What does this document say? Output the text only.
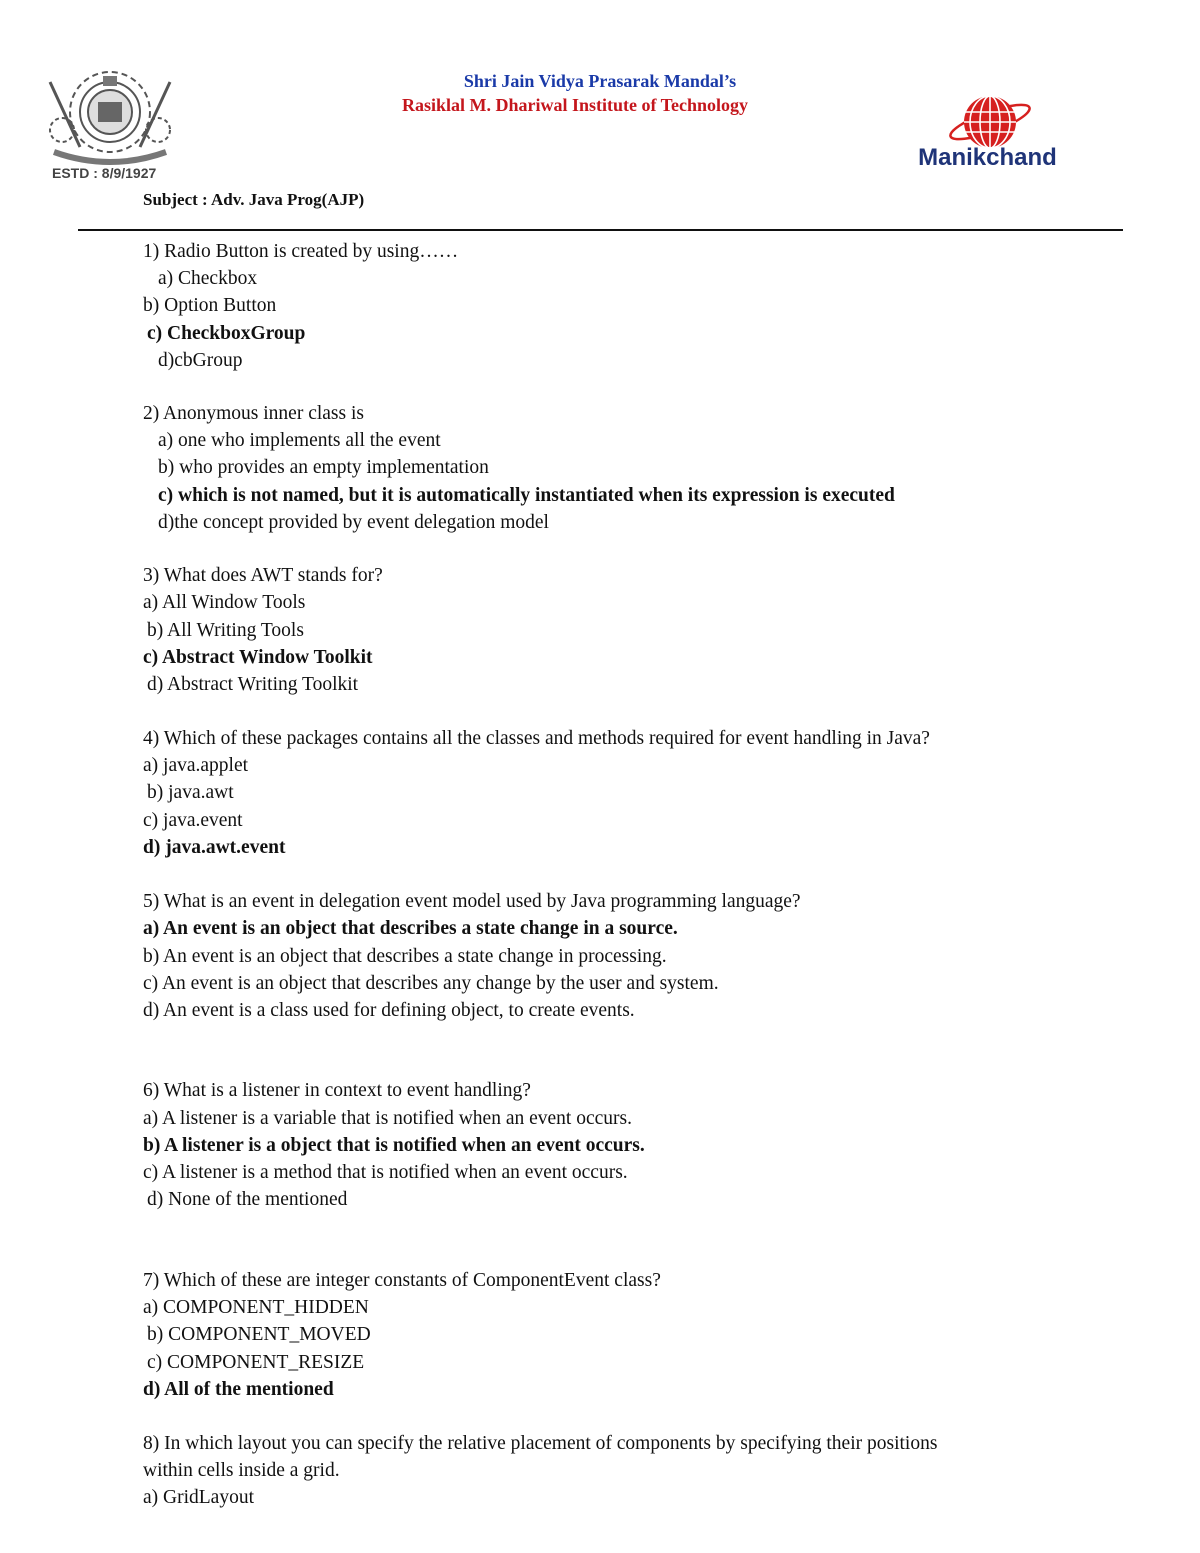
ESTD : 8/9/1927
Shri Jain Vidya Prasarak Mandal’s
Rasiklal M. Dhariwal Institute of Technology
Manikchand
Subject : Adv. Java Prog(AJP)
1) Radio Button is created by using……
a) Checkbox
b) Option Button
c) CheckboxGroup
d)cbGroup
2) Anonymous inner class is
a) one who implements all the event
b) who provides an empty implementation
c) which is not named, but it is automatically instantiated when its expression is executed
d)the concept provided by event delegation model
3) What does AWT stands for?
a) All Window Tools
b) All Writing Tools
c) Abstract Window Toolkit
d) Abstract Writing Toolkit
4) Which of these packages contains all the classes and methods required for event handling in Java?
a) java.applet
b) java.awt
c) java.event
d) java.awt.event
5) What is an event in delegation event model used by Java programming language?
a) An event is an object that describes a state change in a source.
b) An event is an object that describes a state change in processing.
c) An event is an object that describes any change by the user and system.
d) An event is a class used for defining object, to create events.
6) What is a listener in context to event handling?
a) A listener is a variable that is notified when an event occurs.
b) A listener is a object that is notified when an event occurs.
c) A listener is a method that is notified when an event occurs.
d) None of the mentioned
7) Which of these are integer constants of ComponentEvent class?
a) COMPONENT_HIDDEN
b) COMPONENT_MOVED
c) COMPONENT_RESIZE
d) All of the mentioned
8) In which layout you can specify the relative placement of components by specifying their positions
within cells inside a grid.
a) GridLayout
